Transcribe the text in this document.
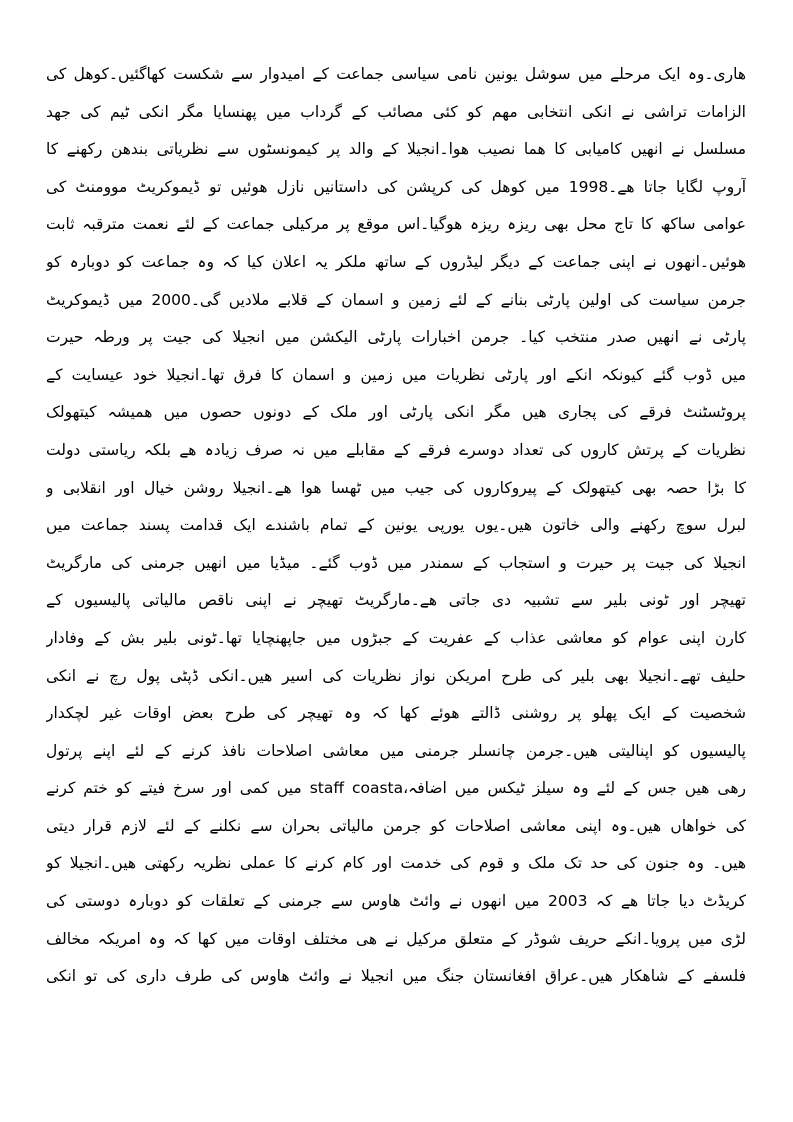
ھاری۔وہ ایک مرحلے میں سوشل یونین نامی سیاسی جماعت کے امیدوار سے شکست کھاگئیں۔کوھل کی
الزامات تراشی نے انکی انتخابی مھم کو کئی مصائب کے گرداب میں پھنسایا مگر انکی ٹیم کی جھد
مسلسل نے انھیں کامیابی کا ھما نصیب ھوا۔انجیلا کے والد پر کیمونسٹوں سے نظریاتی بندھن رکھنے کا
آروپ لگایا جاتا ھے۔1998 میں کوھل کی کرپشن کی داستانیں نازل ھوئیں تو ڈیموکریٹ موومنٹ کی
عوامی ساکھ کا تاج محل بھی ریزہ ریزہ ھوگیا۔اس موقع پر مرکیلی جماعت کے لئے نعمت مترقبہ ثابت
ھوئیں۔انھوں نے اپنی جماعت کے دیگر لیڈروں کے ساتھ ملکر یہ اعلان کیا کہ وہ جماعت کو دوبارہ کو
جرمن سیاست کی اولین پارٹی بنانے کے لئے زمین و اسمان کے قلابے ملادیں گی۔2000 میں ڈیموکریٹ
پارٹی نے انھیں صدر منتخب کیا۔ جرمن اخبارات پارٹی الیکشن میں انجیلا کی جیت پر ورطہ حیرت
میں ڈوب گئے کیونکہ انکے اور پارٹی نظریات میں زمین و اسمان کا فرق تھا۔انجیلا خود عیسایت کے
پروٹسٹنٹ فرقے کی پجاری ھیں مگر انکی پارٹی اور ملک کے دونوں حصوں میں ھمیشہ کیتھولک
نظریات کے پرتش کاروں کی تعداد دوسرے فرقے کے مقابلے میں نہ صرف زیادہ ھے بلکہ ریاستی دولت
کا بڑا حصہ بھی کیتھولک کے پیروکاروں کی جیب میں ٹھسا ھوا ھے۔انجیلا روشن خیال اور انقلابی و
لبرل سوچ رکھنے والی خاتون ھیں۔یوں یورپی یونین کے تمام باشندے ایک قدامت پسند جماعت میں
انجیلا کی جیت پر حیرت و استجاب کے سمندر میں ڈوب گئے۔ میڈیا میں انھیں جرمنی کی مارگریٹ
تھیچر اور ٹونی بلیر سے تشبیہ دی جاتی ھے۔مارگریٹ تھیچر نے اپنی ناقص مالیاتی پالیسیوں کے
کارن اپنی عوام کو معاشی عذاب کے عفریت کے جبڑوں میں جاپھنچایا تھا۔ٹونی بلیر بش کے وفادار
حلیف تھے۔انجیلا بھی بلیر کی طرح امریکن نواز نظریات کی اسیر ھیں۔انکی ڈپٹی پول رچ نے انکی
شخصیت کے ایک پھلو پر روشنی ڈالتے ھوئے کھا کہ وہ تھیچر کی طرح بعض اوقات غیر لچکدار
پالیسیوں کو اپنالیتی ھیں۔جرمن چانسلر جرمنی میں معاشی اصلاحات نافذ کرنے کے لئے اپنے پرتول
رھی ھیں جس کے لئے وہ سیلز ٹیکس میں اضافہ،staff coasta میں کمی اور سرخ فیتے کو ختم کرنے
کی خواھاں ھیں۔وہ اپنی معاشی اصلاحات کو جرمن مالیاتی بحران سے نکلنے کے لئے لازم قرار دیتی
ھیں۔ وہ جنون کی حد تک ملک و قوم کی خدمت اور کام کرنے کا عملی نظریہ رکھتی ھیں۔انجیلا کو
کریڈٹ دیا جاتا ھے کہ 2003 میں انھوں نے وائٹ ھاوس سے جرمنی کے تعلقات کو دوبارہ دوستی کی
لڑی میں پرویا۔انکے حریف شوڈر کے متعلق مرکیل نے ھی مختلف اوقات میں کھا کہ وہ امریکہ مخالف
فلسفے کے شاھکار ھیں۔عراق افغانستان جنگ میں انجیلا نے وائٹ ھاوس کی طرف داری کی تو انکی
